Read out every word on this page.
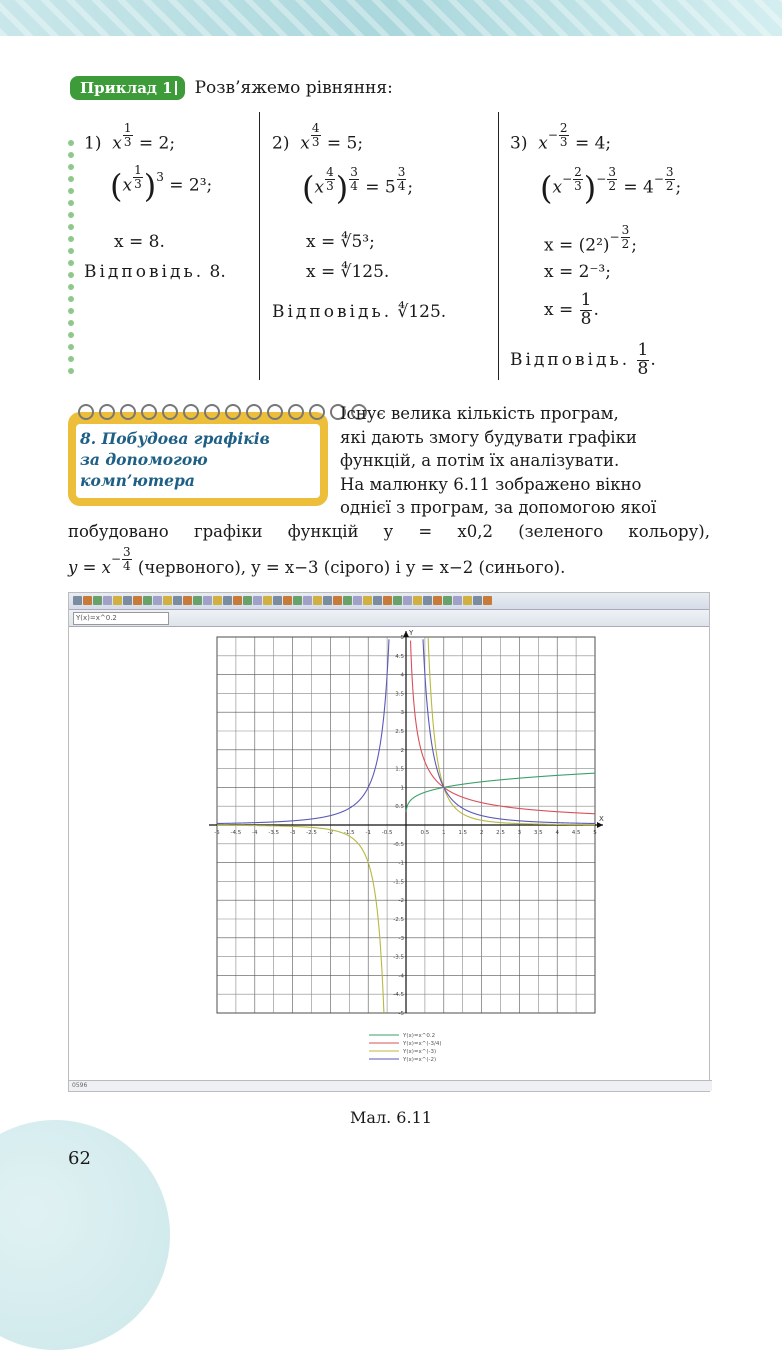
Приклад 1	Розв’яжемо рівняння:
1) x $^{\frac{1}{3}}$ = 2;
(x $^{\frac{1}{3}}$ )$^3$ = 2³;
x = 8.
Відповідь. 8.
2) x $^{\frac{4}{3}}$ = 5;
(x $^{\frac{4}{3}}$ ) $^{\frac{3}{4}}$ = 5 $^{\frac{3}{4}}$ ;
x = ∜5³;
x = ∜125.
Відповідь. ∜125.
3) $x^{- \frac{2}{3}} = 4$;
($x^{- \frac{2}{3}}$ )$^{- \frac{3}{2}} = 4^{- \frac{3}{2}}$ ;
$x = (2^2)^{- \frac{3}{2}}$ ;
x = 2⁻³;
$x = \frac{1}{8}$ .
Відповідь. $\frac{1}{8}$ .
8. Побудова графіків
за допомогою
комп’ютера
Існує велика кількість програм,
які дають змогу будувати графіки
функцій, а потім їх аналізувати.
На малюнку 6.11 зображено вікно
однієї з програм, за допомогою якої
побудовано графіки функцій y = x0,2 (зеленого кольору),
$y = x^{- \frac{3}{4}}$ (червоного), y = x−3 (сірого) і y = x−2 (синього).
Y(x)=x^0.2
X
Y
-5 -4.5 -4 -3.5 -3 -2.5 -2 -1.5 -1 -0.5	0.5 1 1.5 2 2.5 3 3.5 4 4.5 5
5
4.5
4
3.5
3
2.5
2
1.5
1
0.5
-0.5
-1
-1.5
-2
-2.5
-3
-3.5
-4
-4.5
-5
Y(x)=x^0.2
Y(x)=x^(-3/4)
Y(x)=x^(-3)
Y(x)=x^(-2)
0596
Мал. 6.11
62
